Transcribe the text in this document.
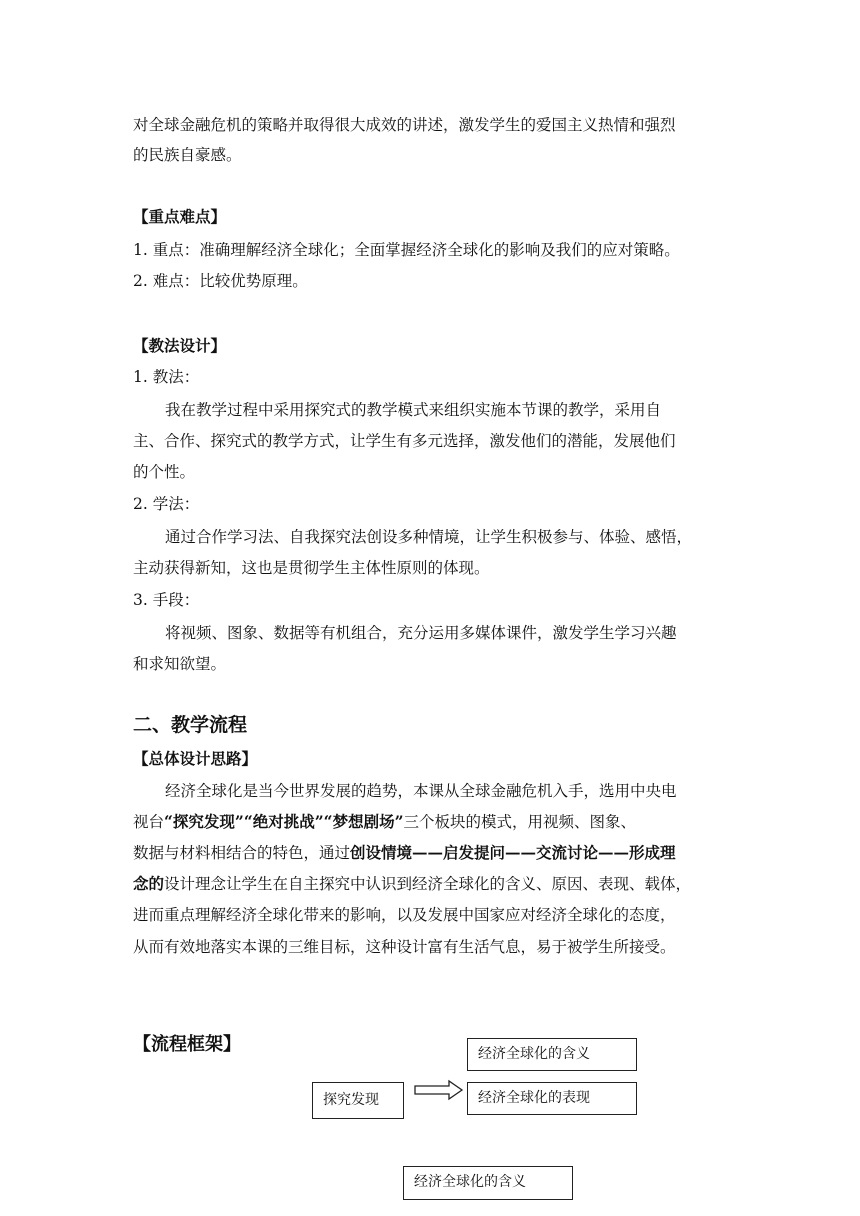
对全球金融危机的策略并取得很大成效的讲述，激发学生的爱国主义热情和强烈
的民族自豪感。
【重点难点】
1. 重点：准确理解经济全球化；全面掌握经济全球化的影响及我们的应对策略。
2. 难点：比较优势原理。
【教法设计】
1. 教法：
我在教学过程中采用探究式的教学模式来组织实施本节课的教学，采用自
主、合作、探究式的教学方式，让学生有多元选择，激发他们的潜能，发展他们
的个性。
2. 学法：
通过合作学习法、自我探究法创设多种情境，让学生积极参与、体验、感悟，
主动获得新知，这也是贯彻学生主体性原则的体现。
3. 手段：
将视频、图象、数据等有机组合，充分运用多媒体课件，激发学生学习兴趣
和求知欲望。
二、教学流程
【总体设计思路】
经济全球化是当今世界发展的趋势，本课从全球金融危机入手，选用中央电
视台“探究发现”“绝对挑战”“梦想剧场”三个板块的模式，用视频、图象、
数据与材料相结合的特色，通过创设情境——启发提问——交流讨论——形成理
念的设计理念让学生在自主探究中认识到经济全球化的含义、原因、表现、载体，
进而重点理解经济全球化带来的影响，以及发展中国家应对经济全球化的态度，
从而有效地落实本课的三维目标，这种设计富有生活气息，易于被学生所接受。
【流程框架】	经济全球化的含义
探究发现	经济全球化的表现
经济全球化的含义
